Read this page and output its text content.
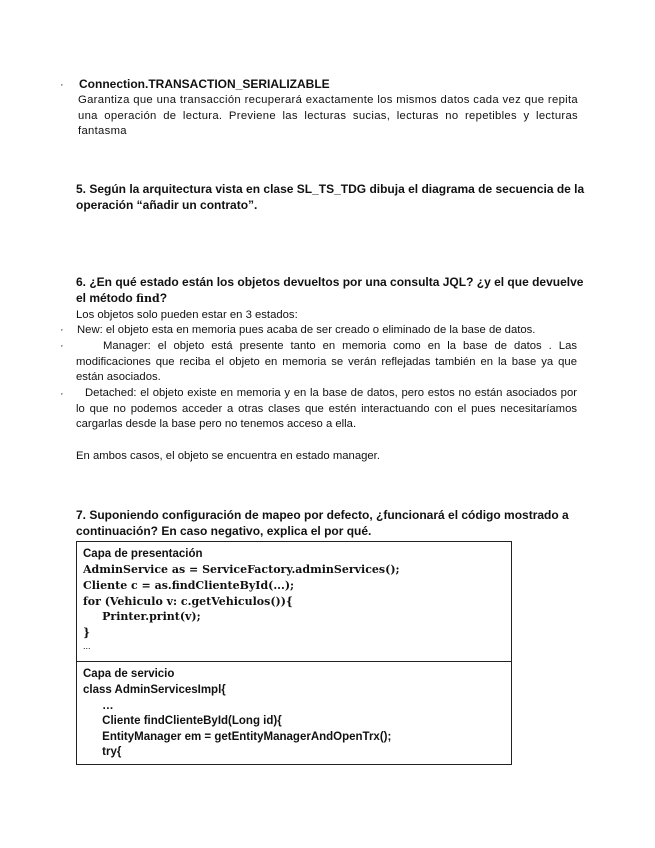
· Connection.TRANSACTION_SERIALIZABLE
Garantiza que una transacción recuperará exactamente los mismos datos cada vez que repita una operación de lectura. Previene las lecturas sucias, lecturas no repetibles y lecturas fantasma
5. Según la arquitectura vista en clase SL_TS_TDG dibuja el diagrama de secuencia de la
operación “añadir un contrato”.
6. ¿En qué estado están los objetos devueltos por una consulta JQL? ¿y el que devuelve
el método find?
Los objetos solo pueden estar en 3 estados:
· New: el objeto esta en memoria pues acaba de ser creado o eliminado de la base de datos.
·	Manager: el objeto está presente tanto en memoria como en la base de datos . Las modificaciones que reciba el objeto en memoria se verán reflejadas también en la base ya que están asociados.
·	Detached: el objeto existe en memoria y en la base de datos, pero estos no están asociados por lo que no podemos acceder a otras clases que estén interactuando con el pues necesitaríamos cargarlas desde la base pero no tenemos acceso a ella.
En ambos casos, el objeto se encuentra en estado manager.
7. Suponiendo configuración de mapeo por defecto, ¿funcionará el código mostrado a
continuación? En caso negativo, explica el por qué.
Capa de presentación
AdminService as = ServiceFactory.adminServices();
Cliente c = as.findClienteById(...);
for (Vehiculo v: c.getVehiculos()){
Printer.print(v);
}
...
Capa de servicio
class AdminServicesImpl{
…
Cliente findClienteById(Long id){
EntityManager em = getEntityManagerAndOpenTrx();
try{
